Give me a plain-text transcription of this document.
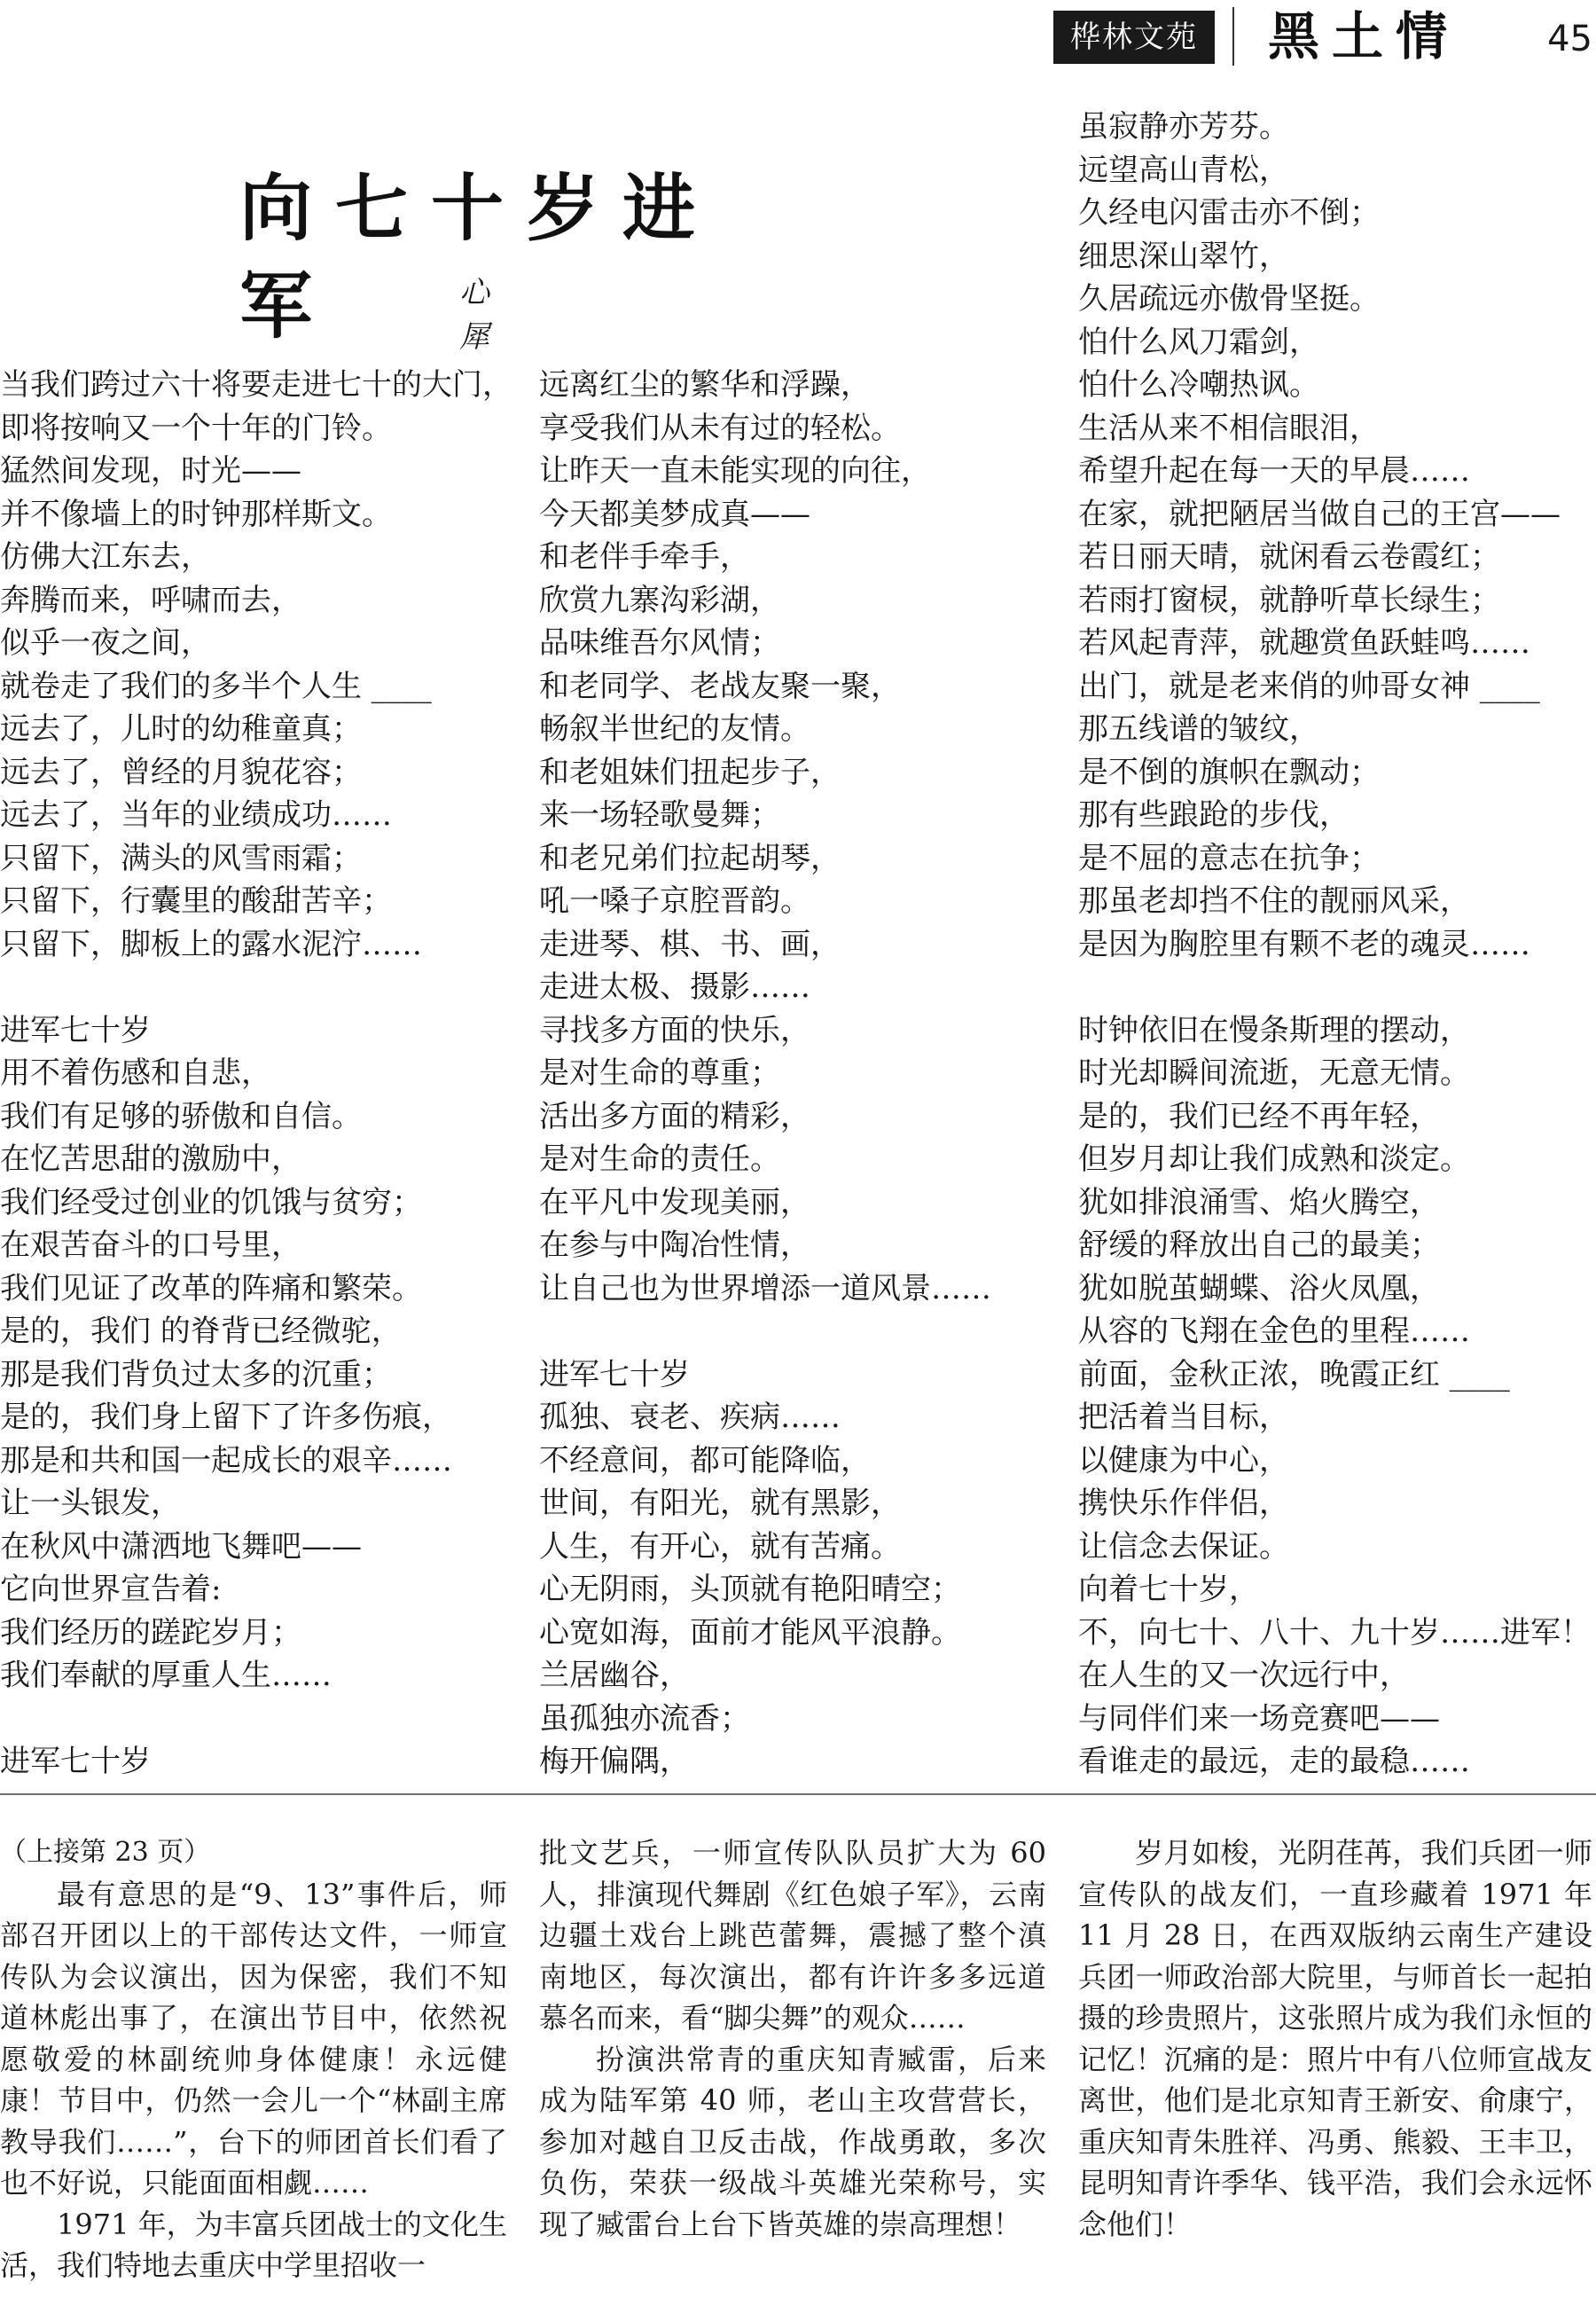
桦林文苑	黑土情	45
向七十岁进军	心 犀
当我们跨过六十将要走进七十的大门，
即将按响又一个十年的门铃。
猛然间发现，时光——
并不像墙上的时钟那样斯文。
仿佛大江东去，
奔腾而来，呼啸而去，
似乎一夜之间，
就卷走了我们的多半个人生 ____
远去了，儿时的幼稚童真；
远去了，曾经的月貌花容；
远去了，当年的业绩成功……
只留下，满头的风雪雨霜；
只留下，行囊里的酸甜苦辛；
只留下，脚板上的露水泥泞……
进军七十岁
用不着伤感和自悲，
我们有足够的骄傲和自信。
在忆苦思甜的激励中，
我们经受过创业的饥饿与贫穷；
在艰苦奋斗的口号里，
我们见证了改革的阵痛和繁荣。
是的，我们 的脊背已经微驼，
那是我们背负过太多的沉重；
是的，我们身上留下了许多伤痕，
那是和共和国一起成长的艰辛……
让一头银发，
在秋风中潇洒地飞舞吧——
它向世界宣告着:
我们经历的蹉跎岁月；
我们奉献的厚重人生……
进军七十岁
远离红尘的繁华和浮躁，
享受我们从未有过的轻松。
让昨天一直未能实现的向往，
今天都美梦成真——
和老伴手牵手，
欣赏九寨沟彩湖，
品味维吾尔风情；
和老同学、老战友聚一聚，
畅叙半世纪的友情。
和老姐妹们扭起步子，
来一场轻歌曼舞；
和老兄弟们拉起胡琴，
吼一嗓子京腔晋韵。
走进琴、棋、书、画，
走进太极、摄影……
寻找多方面的快乐，
是对生命的尊重；
活出多方面的精彩，
是对生命的责任。
在平凡中发现美丽，
在参与中陶冶性情，
让自己也为世界增添一道风景……
进军七十岁
孤独、衰老、疾病……
不经意间，都可能降临，
世间，有阳光，就有黑影，
人生，有开心，就有苦痛。
心无阴雨，头顶就有艳阳晴空；
心宽如海，面前才能风平浪静。
兰居幽谷，
虽孤独亦流香；
梅开偏隅，
虽寂静亦芳芬。
远望高山青松，
久经电闪雷击亦不倒；
细思深山翠竹，
久居疏远亦傲骨坚挺。
怕什么风刀霜剑，
怕什么冷嘲热讽。
生活从来不相信眼泪，
希望升起在每一天的早晨……
在家，就把陋居当做自己的王宫——
若日丽天晴，就闲看云卷霞红；
若雨打窗棂，就静听草长绿生；
若风起青萍，就趣赏鱼跃蛙鸣……
出门，就是老来俏的帅哥女神 ____
那五线谱的皱纹，
是不倒的旗帜在飘动；
那有些踉跄的步伐，
是不屈的意志在抗争；
那虽老却挡不住的靓丽风采，
是因为胸腔里有颗不老的魂灵……
时钟依旧在慢条斯理的摆动，
时光却瞬间流逝，无意无情。
是的，我们已经不再年轻，
但岁月却让我们成熟和淡定。
犹如排浪涌雪、焰火腾空，
舒缓的释放出自己的最美；
犹如脱茧蝴蝶、浴火凤凰，
从容的飞翔在金色的里程……
前面，金秋正浓，晚霞正红 ____
把活着当目标，
以健康为中心，
携快乐作伴侣，
让信念去保证。
向着七十岁，
不，向七十、八十、九十岁……进军！
在人生的又一次远行中，
与同伴们来一场竞赛吧——
看谁走的最远，走的最稳……

（上接第 23 页）

最有意思的是“9、13”事件后，师部召开团以上的干部传达文件，一师宣传队为会议演出，因为保密，我们不知道林彪出事了，在演出节目中，依然祝愿敬爱的林副统帅身体健康！永远健康！节目中，仍然一会儿一个“林副主席教导我们……”，台下的师团首长们看了也不好说，只能面面相觑……

1971 年，为丰富兵团战士的文化生活，我们特地去重庆中学里招收一

批文艺兵，一师宣传队队员扩大为 60 人，排演现代舞剧《红色娘子军》，云南边疆土戏台上跳芭蕾舞，震撼了整个滇南地区，每次演出，都有许许多多远道慕名而来，看“脚尖舞”的观众……

扮演洪常青的重庆知青臧雷，后来成为陆军第 40 师，老山主攻营营长，参加对越自卫反击战，作战勇敢，多次负伤，荣获一级战斗英雄光荣称号，实现了臧雷台上台下皆英雄的崇高理想！

岁月如梭，光阴荏苒，我们兵团一师宣传队的战友们，一直珍藏着 1971 年 11 月 28 日，在西双版纳云南生产建设兵团一师政治部大院里，与师首长一起拍摄的珍贵照片，这张照片成为我们永恒的记忆！沉痛的是：照片中有八位师宣战友离世，他们是北京知青王新安、俞康宁，重庆知青朱胜祥、冯勇、熊毅、王丰卫，昆明知青许季华、钱平浩，我们会永远怀念他们！
